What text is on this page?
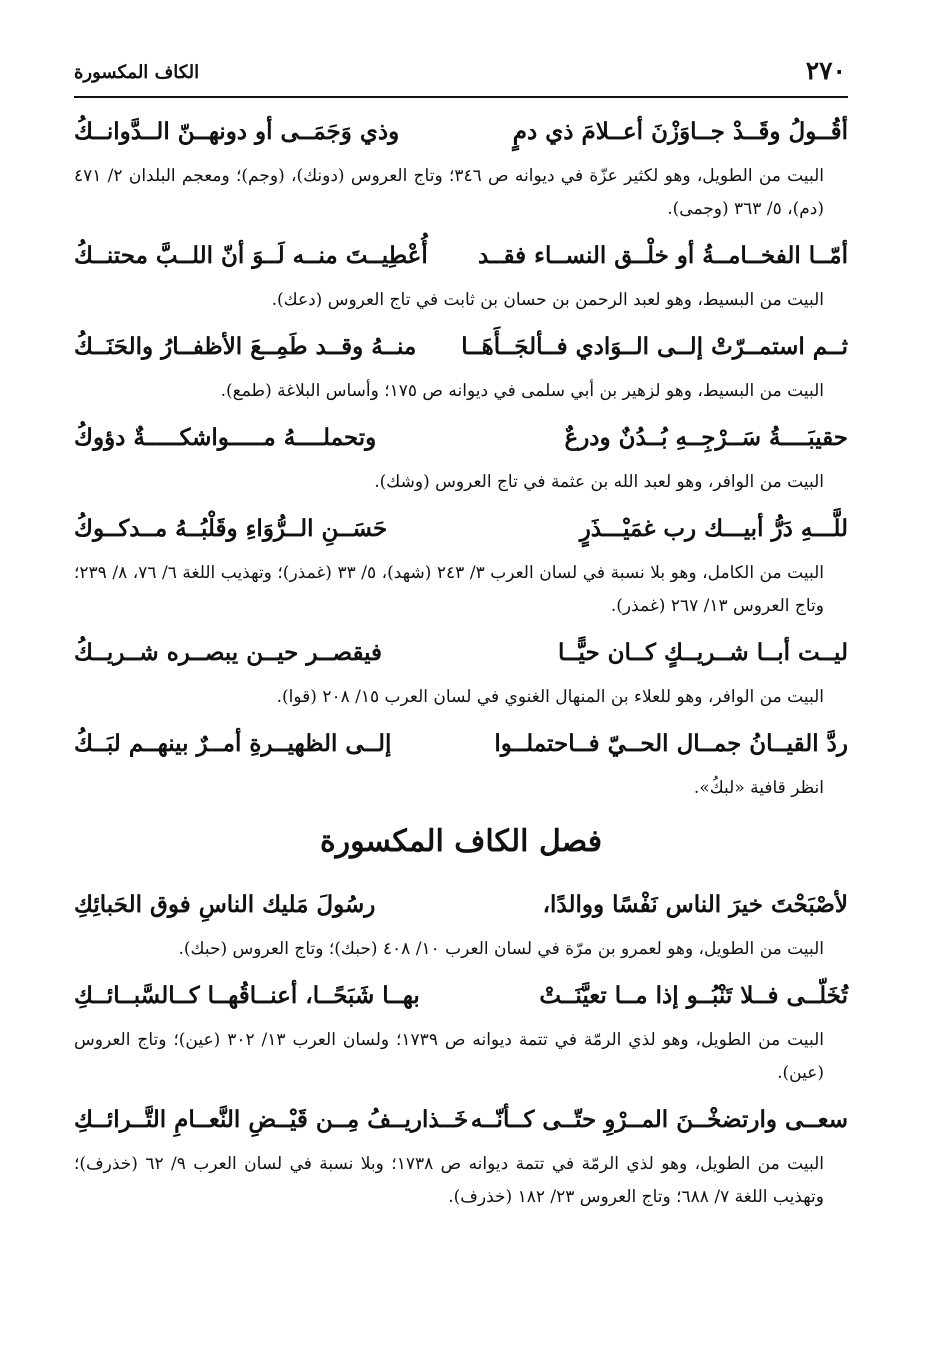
٢٧٠
الكاف المكسورة
أقُــولُ وقَــدْ جــاوَزْنَ أعــلامَ ذي دمٍ
وذي وَجَمَــى أو دونهــنّ الــدَّوانــكُ
البيت من الطويل، وهو لكثير عزّة في ديوانه ص ٣٤٦؛ وتاج العروس (دونك)، (وجم)؛ ومعجم البلدان ٢/ ٤٧١ (دم)، ٥/ ٣٦٣ (وجمى).
أمّــا الفخــامــةُ أو خلْــق النســاء فقــد
أُعْطِيــتَ منــه لَــوَ أنّ اللــبَّ محتنــكُ
البيت من البسيط، وهو لعبد الرحمن بن حسان بن ثابت في تاج العروس (دعك).
ثــم استمــرّتْ إلــى الــوَادي فــألجَــأَهَــا
منــهُ وقــد طَمِــعَ الأظفــارُ والحَنَــكُ
البيت من البسيط، وهو لزهير بن أبي سلمى في ديوانه ص ١٧٥؛ وأساس البلاغة (طمع).
حقيبَــــةُ سَــرْجِــهِ بُــدُنٌ ودرعٌ
وتحملــــهُ مـــــواشكـــــةٌ دؤوكُ
البيت من الوافر، وهو لعبد الله بن عثمة في تاج العروس (وشك).
للَّـــهِ دَرُّ أبيـــك رب غمَيْـــذَرٍ
حَسَــنِ الــرُّوَاءِ وقَلْبُــهُ مــدكــوكُ
البيت من الكامل، وهو بلا نسبة في لسان العرب ٣/ ٢٤٣ (شهد)، ٥/ ٣٣ (غمذر)؛ وتهذيب اللغة ٦/ ٧٦، ٨/ ٢٣٩؛ وتاج العروس ١٣/ ٢٦٧ (غمذر).
ليــت أبــا شــريــكٍ كــان حيًّــا
فيقصــر حيــن يبصــره شــريــكُ
البيت من الوافر، وهو للعلاء بن المنهال الغنوي في لسان العرب ١٥/ ٢٠٨ (قوا).
ردَّ القيــانُ جمــال الحــيّ فــاحتملــوا
إلــى الظهيــرةِ أمــرٌ بينهــم لبَــكُ
انظر قافية «لبكُ».
فصل الكاف المكسورة
لأصْبَحْتَ خيرَ الناس نَفْسًا ووالدًا،
رسُولَ مَليك الناسِ فوق الحَبائِكِ
البيت من الطويل، وهو لعمرو بن مرّة في لسان العرب ١٠/ ٤٠٨ (حبك)؛ وتاج العروس (حبك).
تُخَلّــى فــلا تَنْبُــو إذا مــا تعيَّنَــتْ
بهــا شَبَحًــا، أعنــاقُهــا كــالسَّبــائــكِ
البيت من الطويل، وهو لذي الرمّة في تتمة ديوانه ص ١٧٣٩؛ ولسان العرب ١٣/ ٣٠٢ (عين)؛ وتاج العروس (عين).
سعــى وارتضخْــنَ المــرْوِ حتّــى كــأنّــه
خَــذاريــفُ مِــن قَيْــضِ النَّعــامِ التَّــرائــكِ
البيت من الطويل، وهو لذي الرمّة في تتمة ديوانه ص ١٧٣٨؛ وبلا نسبة في لسان العرب ٩/ ٦٢ (خذرف)؛ وتهذيب اللغة ٧/ ٦٨٨؛ وتاج العروس ٢٣/ ١٨٢ (خذرف).
